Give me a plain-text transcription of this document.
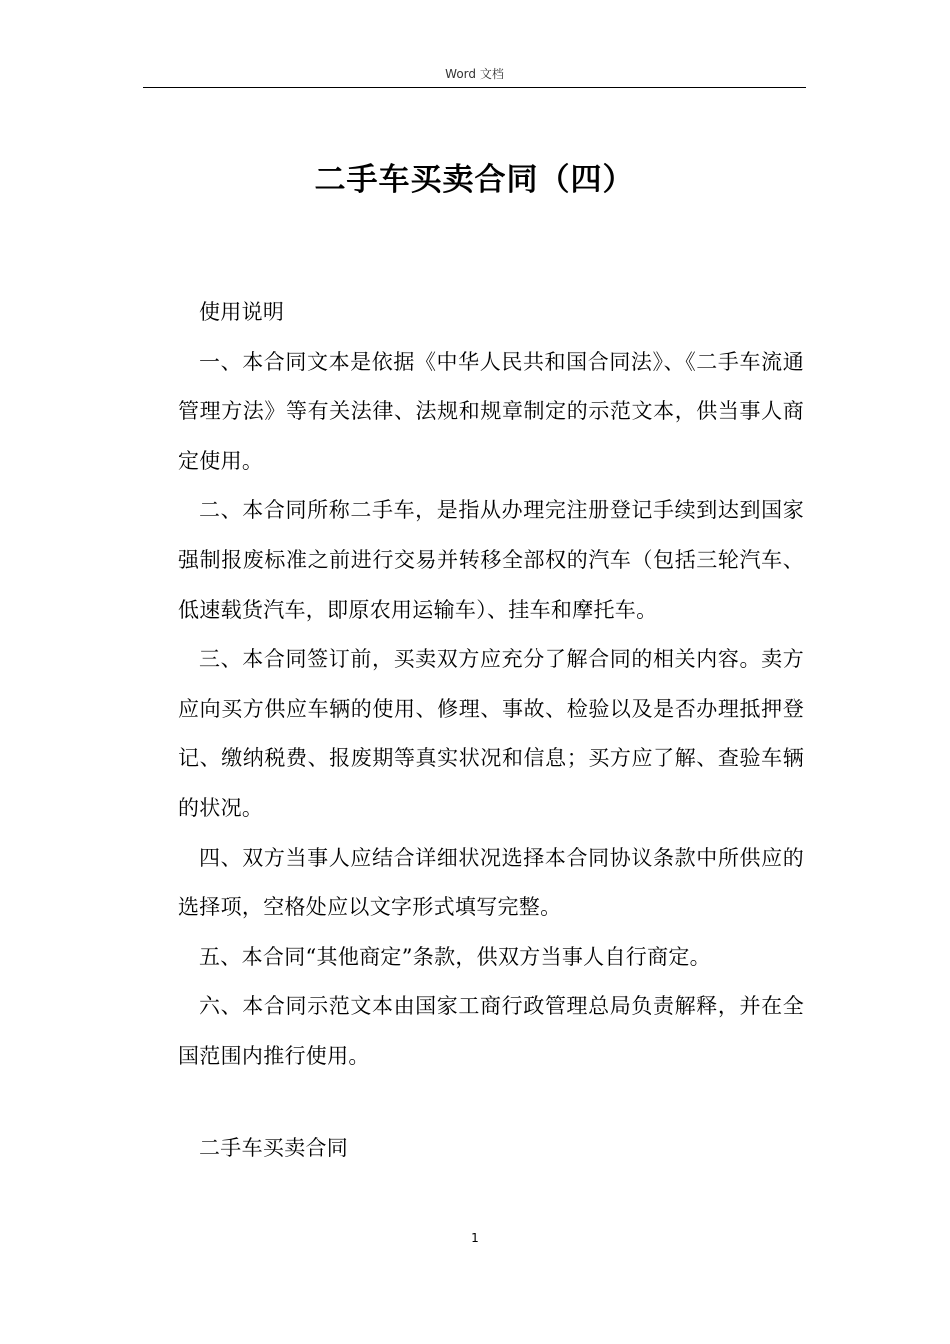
Word 文档
二手车买卖合同（四）

使用说明

一、本合同文本是依据《中华人民共和国合同法》、《二手车流通管理方法》等有关法律、法规和规章制定的示范文本，供当事人商定使用。

二、本合同所称二手车，是指从办理完注册登记手续到达到国家强制报废标准之前进行交易并转移全部权的汽车（包括三轮汽车、低速载货汽车，即原农用运输车）、挂车和摩托车。

三、本合同签订前，买卖双方应充分了解合同的相关内容。卖方应向买方供应车辆的使用、修理、事故、检验以及是否办理抵押登记、缴纳税费、报废期等真实状况和信息；买方应了解、查验车辆的状况。

四、双方当事人应结合详细状况选择本合同协议条款中所供应的选择项，空格处应以文字形式填写完整。

五、本合同“其他商定”条款，供双方当事人自行商定。

六、本合同示范文本由国家工商行政管理总局负责解释，并在全国范围内推行使用。

二手车买卖合同

1
